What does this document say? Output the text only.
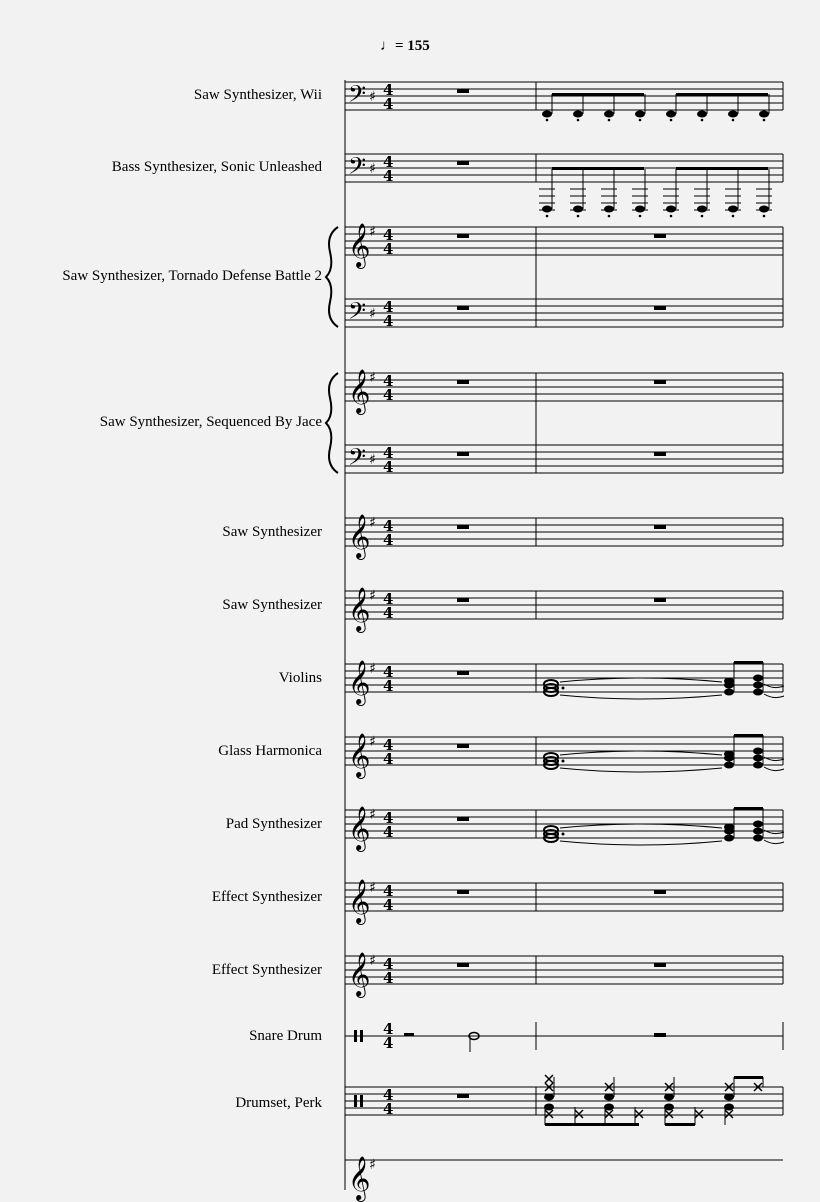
♩= 155
Saw Synthesizer, Wii
Bass Synthesizer, Sonic Unleashed
Saw Synthesizer, Tornado Defense Battle 2
Saw Synthesizer, Sequenced By Jace
Saw Synthesizer
Saw Synthesizer
Violins
Glass Harmonica
Pad Synthesizer
Effect Synthesizer
Effect Synthesizer
Snare Drum
Drumset, Perk
𝄢 ♯ 4
4
𝄢 ♯ 4
4
𝄞
♯ 4
4
𝄢 ♯ 4
4
𝄞
♯ 4
4
𝄢 ♯ 4
4
𝄞
♯ 4
4
𝄞
♯ 4
4
𝄞
♯ 4
4
𝄞
♯ 4
4
𝄞
♯ 4
4
𝄞
♯ 4
4
𝄞
♯ 4
4
4
4
4
4
𝄞
♯
